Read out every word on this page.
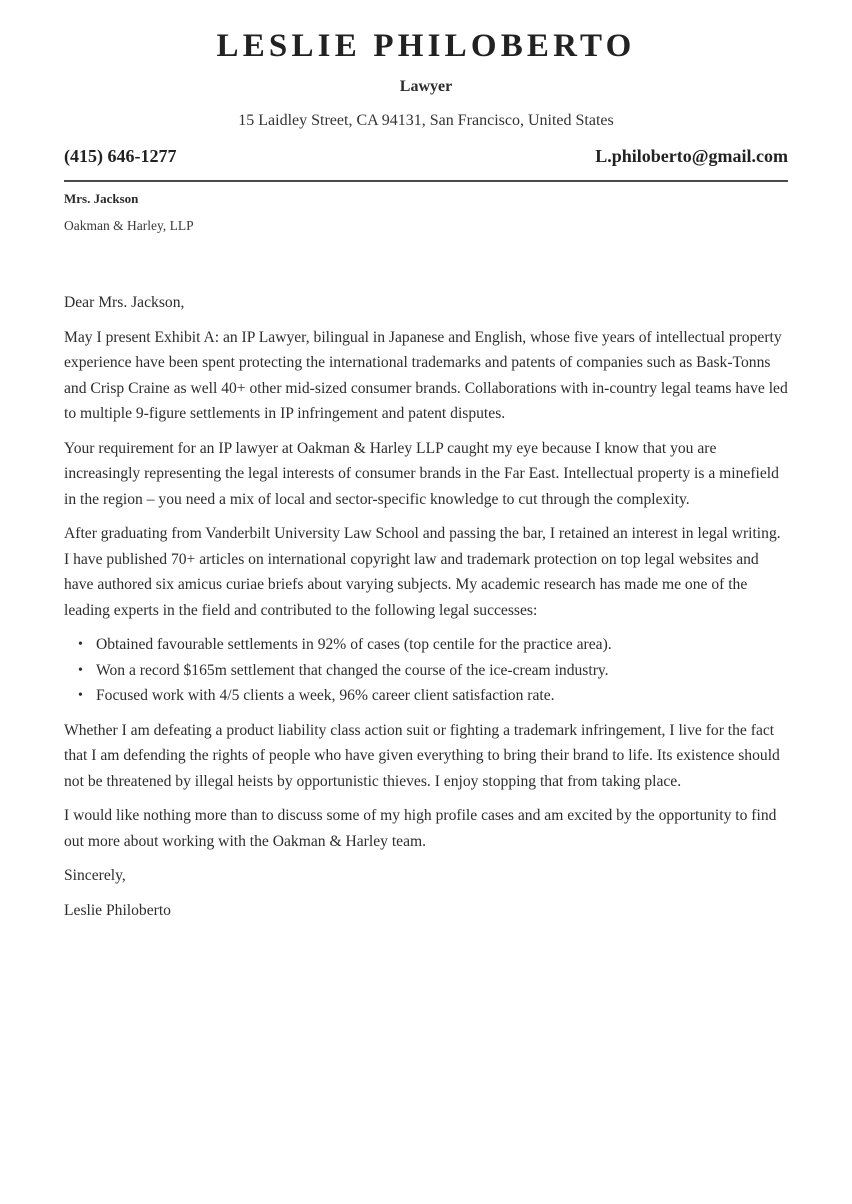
LESLIE PHILOBERTO
Lawyer
15 Laidley Street, CA 94131, San Francisco, United States
(415) 646-1277	L.philoberto@gmail.com
Mrs. Jackson
Oakman & Harley, LLP

Dear Mrs. Jackson,

May I present Exhibit A: an IP Lawyer, bilingual in Japanese and English, whose five years of intellectual property experience have been spent protecting the international trademarks and patents of companies such as Bask-Tonns and Crisp Craine as well 40+ other mid-sized consumer brands. Collaborations with in-country legal teams have led to multiple 9-figure settlements in IP infringement and patent disputes.

Your requirement for an IP lawyer at Oakman & Harley LLP caught my eye because I know that you are increasingly representing the legal interests of consumer brands in the Far East. Intellectual property is a minefield in the region – you need a mix of local and sector-specific knowledge to cut through the complexity.

After graduating from Vanderbilt University Law School and passing the bar, I retained an interest in legal writing. I have published 70+ articles on international copyright law and trademark protection on top legal websites and have authored six amicus curiae briefs about varying subjects. My academic research has made me one of the leading experts in the field and contributed to the following legal successes:

• Obtained favourable settlements in 92% of cases (top centile for the practice area).
• Won a record $165m settlement that changed the course of the ice-cream industry.
• Focused work with 4/5 clients a week, 96% career client satisfaction rate.

Whether I am defeating a product liability class action suit or fighting a trademark infringement, I live for the fact that I am defending the rights of people who have given everything to bring their brand to life. Its existence should not be threatened by illegal heists by opportunistic thieves. I enjoy stopping that from taking place.

I would like nothing more than to discuss some of my high profile cases and am excited by the opportunity to find out more about working with the Oakman & Harley team.

Sincerely,

Leslie Philoberto
